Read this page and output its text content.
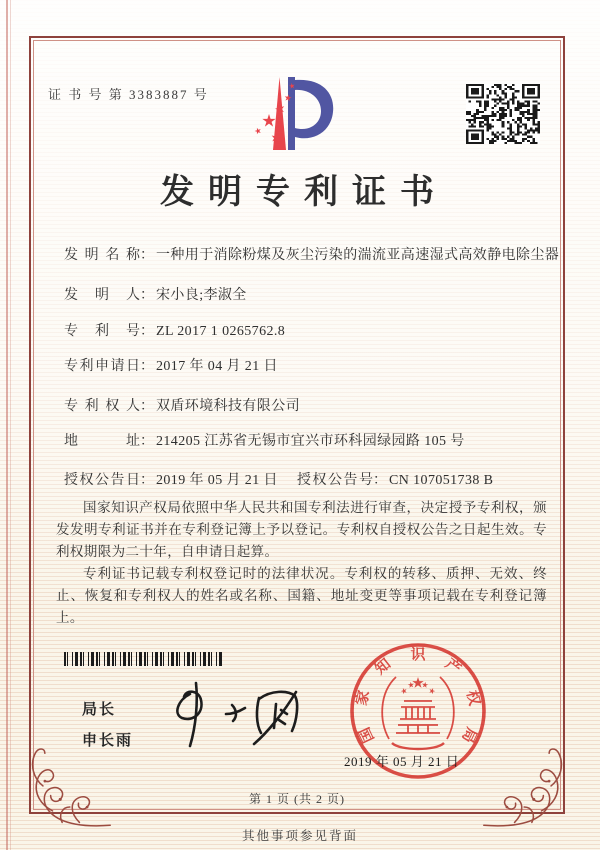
证 书 号 第 3383887 号
发明专利证书
发明名称： 一种用于消除粉煤及灰尘污染的湍流亚高速湿式高效静电除尘器
发明人： 宋小良;李淑全
专利号： ZL 2017 1 0265762.8
专利申请日： 2017 年 04 月 21 日
专利权人： 双盾环境科技有限公司
地址： 214205 江苏省无锡市宜兴市环科园绿园路 105 号
授权公告日： 2019 年 05 月 21 日 授权公告号： CN 107051738 B

国家知识产权局依照中华人民共和国专利法进行审查，决定授予专利权，颁发发明专利证书并在专利登记簿上予以登记。专利权自授权公告之日起生效。专利权期限为二十年，自申请日起算。

专利证书记载专利权登记时的法律状况。专利权的转移、质押、无效、终止、恢复和专利权人的姓名或名称、国籍、地址变更等事项记载在专利登记簿上。

局长
申长雨	国
家
知
识
产
权
局
2019 年 05 月 21 日
第 1 页 (共 2 页)
其他事项参见背面
